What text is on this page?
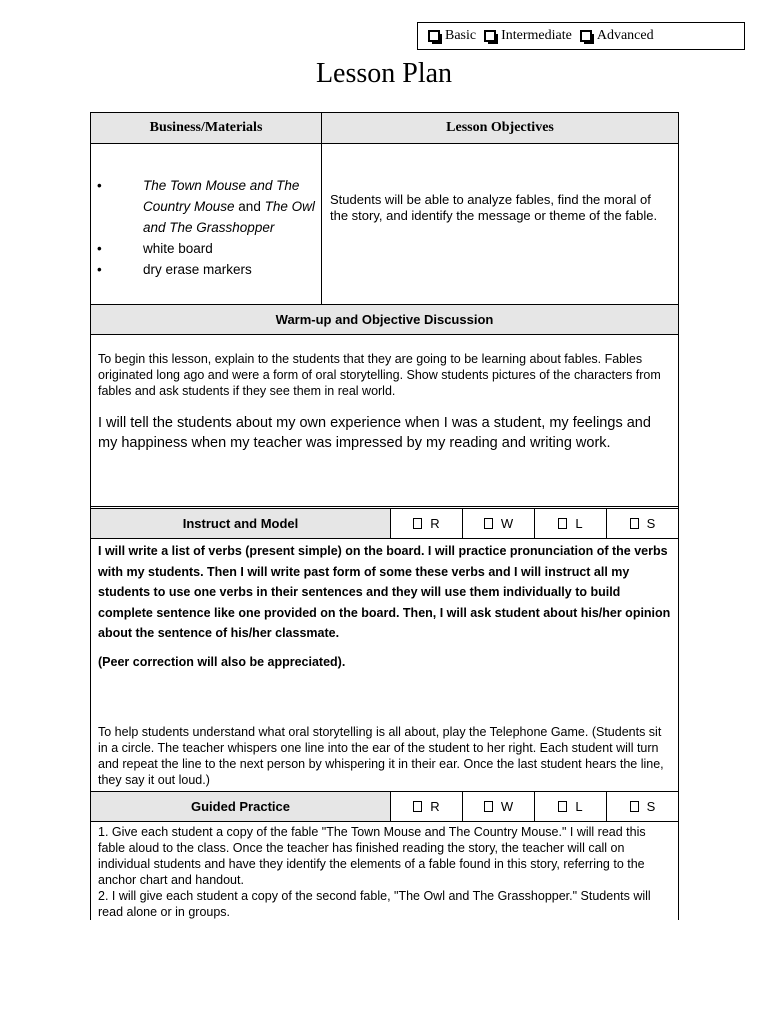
Basic Intermediate Advanced
Lesson Plan
Business/Materials	Lesson Objectives
• The Town Mouse and The Country Mouse and The Owl and The Grasshopper
• white board
• dry erase markers

Students will be able to analyze fables, find the moral of the story, and identify the message or theme of the fable.

Warm-up and Objective Discussion

To begin this lesson, explain to the students that they are going to be learning about fables. Fables originated long ago and were a form of oral storytelling. Show students pictures of the characters from fables and ask students if they see them in real world.

I will tell the students about my own experience when I was a student, my feelings and my happiness when my teacher was impressed by my reading and writing work.

Instruct and Model	R	W	L	S

I will write a list of verbs (present simple) on the board. I will practice pronunciation of the verbs with my students. Then I will write past form of some these verbs and I will instruct all my students to use one verbs in their sentences and they will use them individually to build complete sentence like one provided on the board. Then, I will ask student about his/her opinion about the sentence of his/her classmate.

(Peer correction will also be appreciated).

To help students understand what oral storytelling is all about, play the Telephone Game. (Students sit in a circle. The teacher whispers one line into the ear of the student to her right. Each student will turn and repeat the line to the next person by whispering it in their ear. Once the last student hears the line, they say it out loud.)

Guided Practice	R	W	L	S

1. Give each student a copy of the fable "The Town Mouse and The Country Mouse." I will read this fable aloud to the class. Once the teacher has finished reading the story, the teacher will call on individual students and have they identify the elements of a fable found in this story, referring to the anchor chart and handout.

2. I will give each student a copy of the second fable, "The Owl and The Grasshopper." Students will read alone or in groups.
